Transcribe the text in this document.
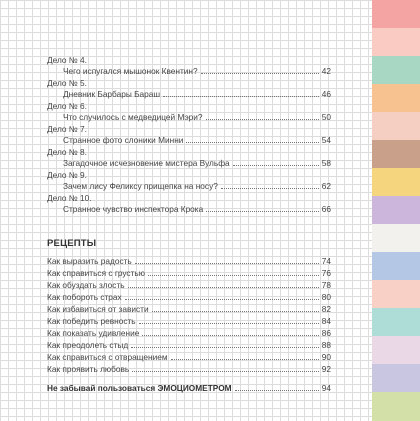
Дело № 4.
Чего испугался мышонок Квентин?	42
Дело № 5.
Дневник Барбары Бараш	46
Дело № 6.
Что случилось с медведицей Мэри?	50
Дело № 7.
Странное фото слоники Минни	54
Дело № 8.
Загадочное исчезновение мистера Вульфа	58
Дело № 9.
Зачем лису Феликсу прищепка на носу?	62
Дело № 10.
Странное чувство инспектора Крока	66
РЕЦЕПТЫ
Как выразить радость	74
Как справиться с грустью	76
Как обуздать злость	78
Как побороть страх	80
Как избавиться от зависти	82
Как победить ревность	84
Как показать удивление	86
Как преодолеть стыд	88
Как справиться с отвращением	90
Как проявить любовь	92
Не забывай пользоваться ЭМОЦИОМЕТРОМ	94
